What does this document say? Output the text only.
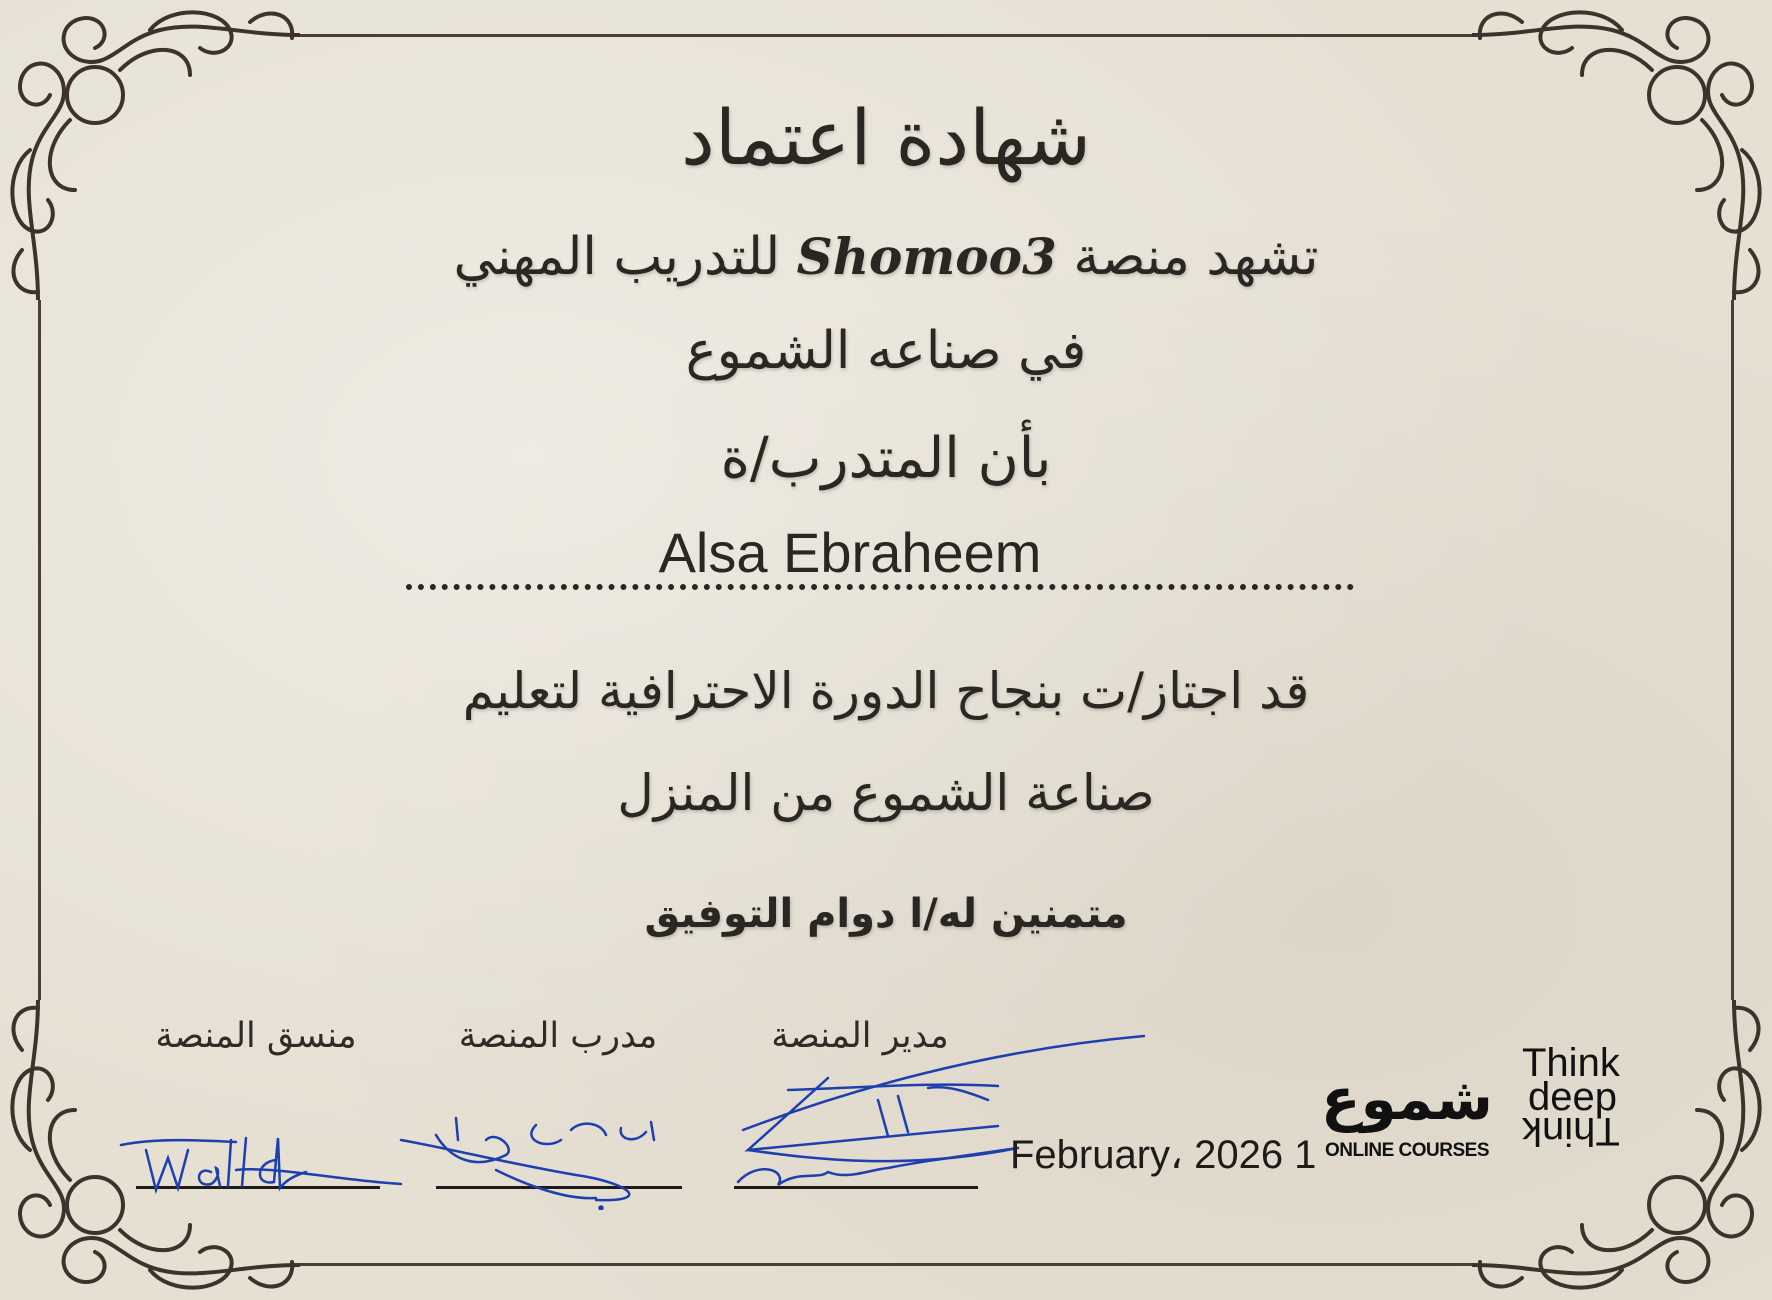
شهادة اعتماد
تشهد منصة Shomoo3 للتدريب المهني
في صناعه الشموع
بأن المتدرب/ة
Alsa Ebraheem
قد اجتاز/ت بنجاح الدورة الاحترافية لتعليم
صناعة الشموع من المنزل
متمنين له/ا دوام التوفيق
منسق المنصة	مدرب المنصة	مدير المنصة
February، 2026 1
شموع
ONLINE COURSES
Think
deep
Think
